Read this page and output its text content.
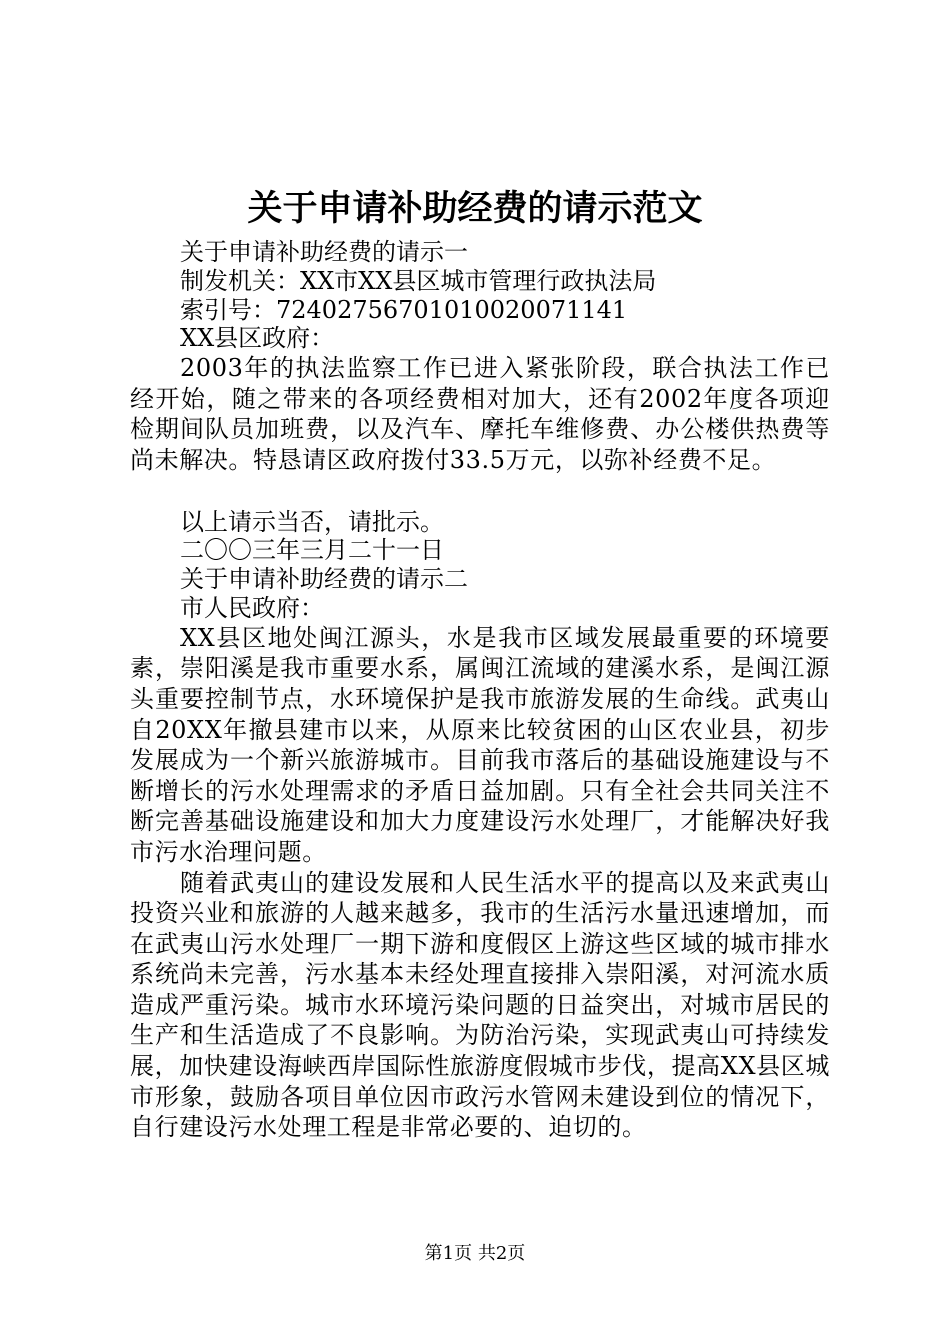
关于申请补助经费的请示范文

关于申请补助经费的请示一

制发机关：XX市XX县区城市管理行政执法局

索引号：72402756701010020071141

XX县区政府：

2003年的执法监察工作已进入紧张阶段，联合执法工作已经开始，随之带来的各项经费相对加大，还有2002年度各项迎检期间队员加班费，以及汽车、摩托车维修费、办公楼供热费等尚未解决。特恳请区政府拨付33.5万元，以弥补经费不足。

以上请示当否，请批示。

二〇〇三年三月二十一日

关于申请补助经费的请示二

市人民政府：

XX县区地处闽江源头，水是我市区域发展最重要的环境要素，崇阳溪是我市重要水系，属闽江流域的建溪水系，是闽江源头重要控制节点，水环境保护是我市旅游发展的生命线。武夷山自20XX年撤县建市以来，从原来比较贫困的山区农业县，初步发展成为一个新兴旅游城市。目前我市落后的基础设施建设与不断增长的污水处理需求的矛盾日益加剧。只有全社会共同关注不断完善基础设施建设和加大力度建设污水处理厂，才能解决好我市污水治理问题。

随着武夷山的建设发展和人民生活水平的提高以及来武夷山投资兴业和旅游的人越来越多，我市的生活污水量迅速增加，而在武夷山污水处理厂一期下游和度假区上游这些区域的城市排水系统尚未完善，污水基本未经处理直接排入崇阳溪，对河流水质造成严重污染。城市水环境污染问题的日益突出，对城市居民的生产和生活造成了不良影响。为防治污染，实现武夷山可持续发展，加快建设海峡西岸国际性旅游度假城市步伐，提高XX县区城市形象，鼓励各项目单位因市政污水管网未建设到位的情况下，自行建设污水处理工程是非常必要的、迫切的。

第1页 共2页
